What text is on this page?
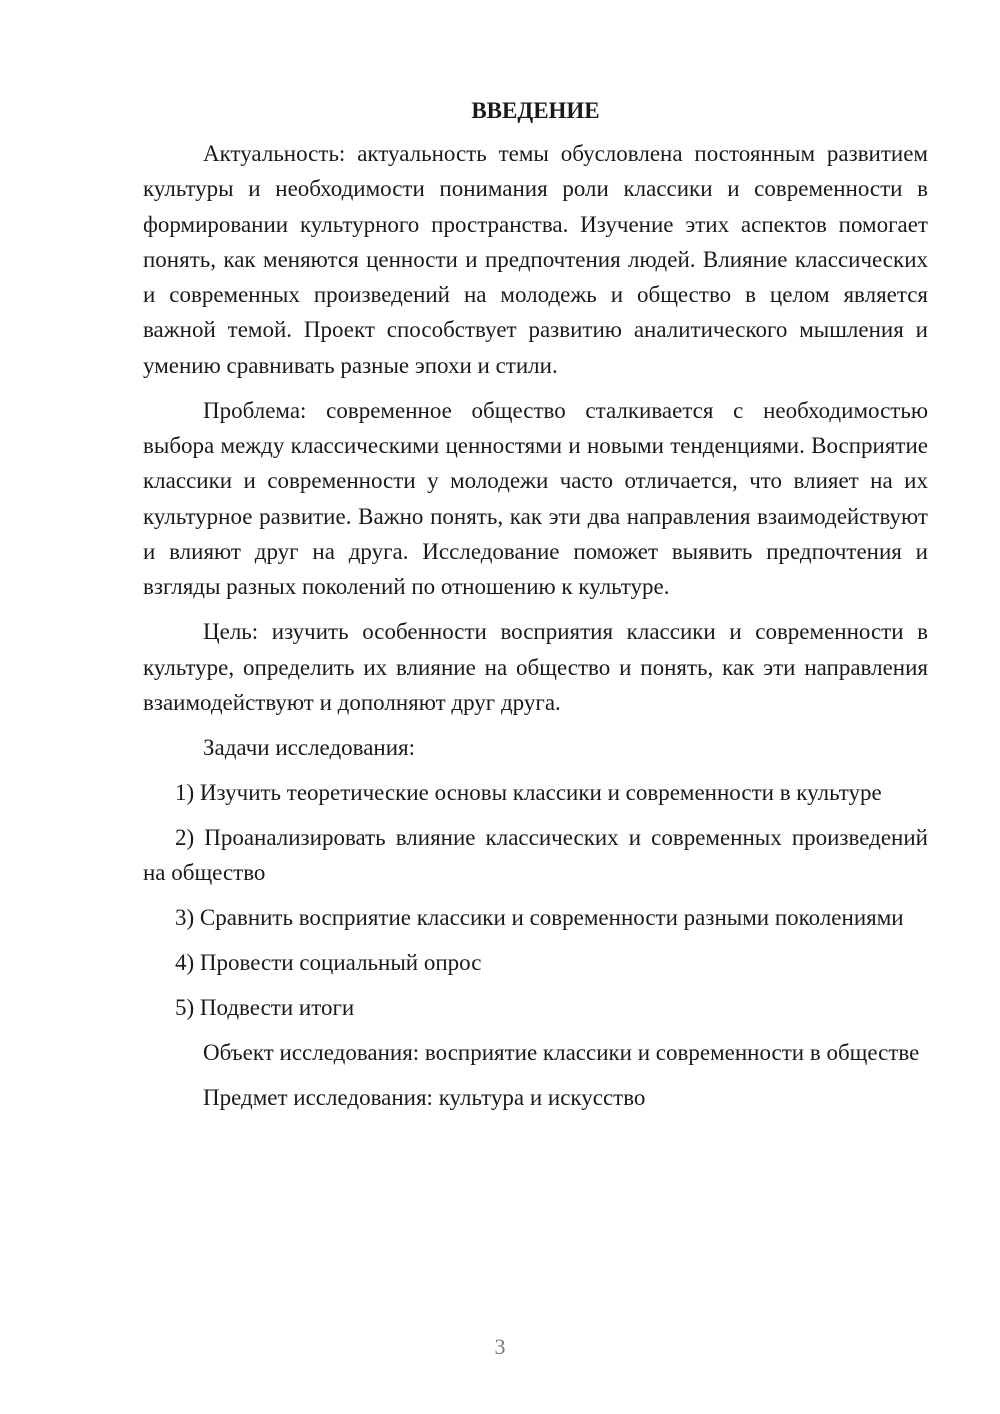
ВВЕДЕНИЕ

Актуальность: актуальность темы обусловлена постоянным развитием культуры и необходимости понимания роли классики и современности в формировании культурного пространства. Изучение этих аспектов помогает понять, как меняются ценности и предпочтения людей. Влияние классических и современных произведений на молодежь и общество в целом является важной темой. Проект способствует развитию аналитического мышления и умению сравнивать разные эпохи и стили.

Проблема: современное общество сталкивается с необходимостью выбора между классическими ценностями и новыми тенденциями. Восприятие классики и современности у молодежи часто отличается, что влияет на их культурное развитие. Важно понять, как эти два направления взаимодействуют и влияют друг на друга. Исследование поможет выявить предпочтения и взгляды разных поколений по отношению к культуре.

Цель: изучить особенности восприятия классики и современности в культуре, определить их влияние на общество и понять, как эти направления взаимодействуют и дополняют друг друга.

Задачи исследования:

1) Изучить теоретические основы классики и современности в культуре

2) Проанализировать влияние классических и современных произведений на общество

3) Сравнить восприятие классики и современности разными поколениями

4) Провести социальный опрос

5) Подвести итоги

Объект исследования: восприятие классики и современности в обществе

Предмет исследования: культура и искусство

3
